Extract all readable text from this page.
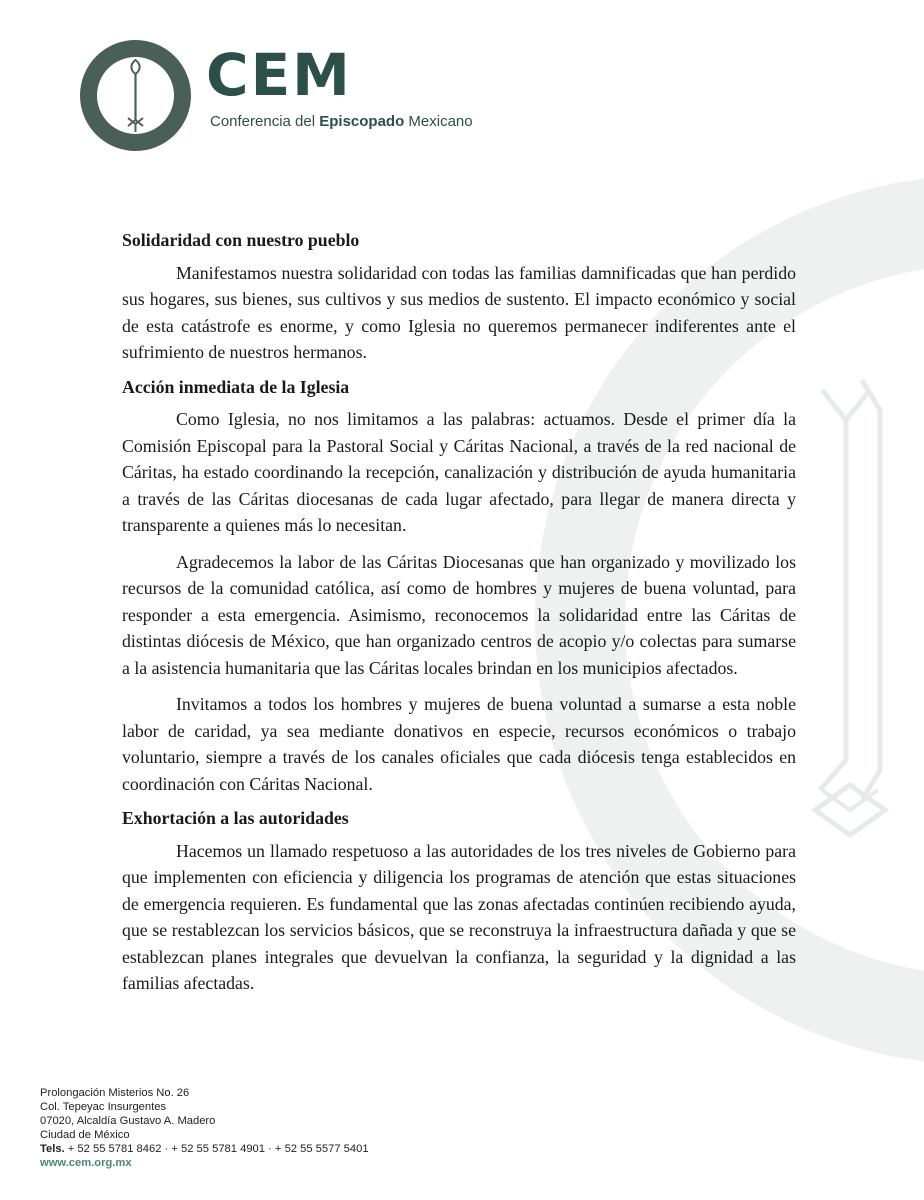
CEM
Conferencia del Episcopado Mexicano
Solidaridad con nuestro pueblo

Manifestamos nuestra solidaridad con todas las familias damnificadas que han perdido sus hogares, sus bienes, sus cultivos y sus medios de sustento. El impacto económico y social de esta catástrofe es enorme, y como Iglesia no queremos permanecer indiferentes ante el sufrimiento de nuestros hermanos.

Acción inmediata de la Iglesia

Como Iglesia, no nos limitamos a las palabras: actuamos. Desde el primer día la Comisión Episcopal para la Pastoral Social y Cáritas Nacional, a través de la red nacional de Cáritas, ha estado coordinando la recepción, canalización y distribución de ayuda humanitaria a través de las Cáritas diocesanas de cada lugar afectado, para llegar de manera directa y transparente a quienes más lo necesitan.

Agradecemos la labor de las Cáritas Diocesanas que han organizado y movilizado los recursos de la comunidad católica, así como de hombres y mujeres de buena voluntad, para responder a esta emergencia. Asimismo, reconocemos la solidaridad entre las Cáritas de distintas diócesis de México, que han organizado centros de acopio y/o colectas para sumarse a la asistencia humanitaria que las Cáritas locales brindan en los municipios afectados.

Invitamos a todos los hombres y mujeres de buena voluntad a sumarse a esta noble labor de caridad, ya sea mediante donativos en especie, recursos económicos o trabajo voluntario, siempre a través de los canales oficiales que cada diócesis tenga establecidos en coordinación con Cáritas Nacional.

Exhortación a las autoridades

Hacemos un llamado respetuoso a las autoridades de los tres niveles de Gobierno para que implementen con eficiencia y diligencia los programas de atención que estas situaciones de emergencia requieren. Es fundamental que las zonas afectadas continúen recibiendo ayuda, que se restablezcan los servicios básicos, que se reconstruya la infraestructura dañada y que se establezcan planes integrales que devuelvan la confianza, la seguridad y la dignidad a las familias afectadas.

Prolongación Misterios No. 26
Col. Tepeyac Insurgentes
07020, Alcaldía Gustavo A. Madero
Ciudad de México
Tels. + 52 55 5781 8462 · + 52 55 5781 4901 · + 52 55 5577 5401
www.cem.org.mx
